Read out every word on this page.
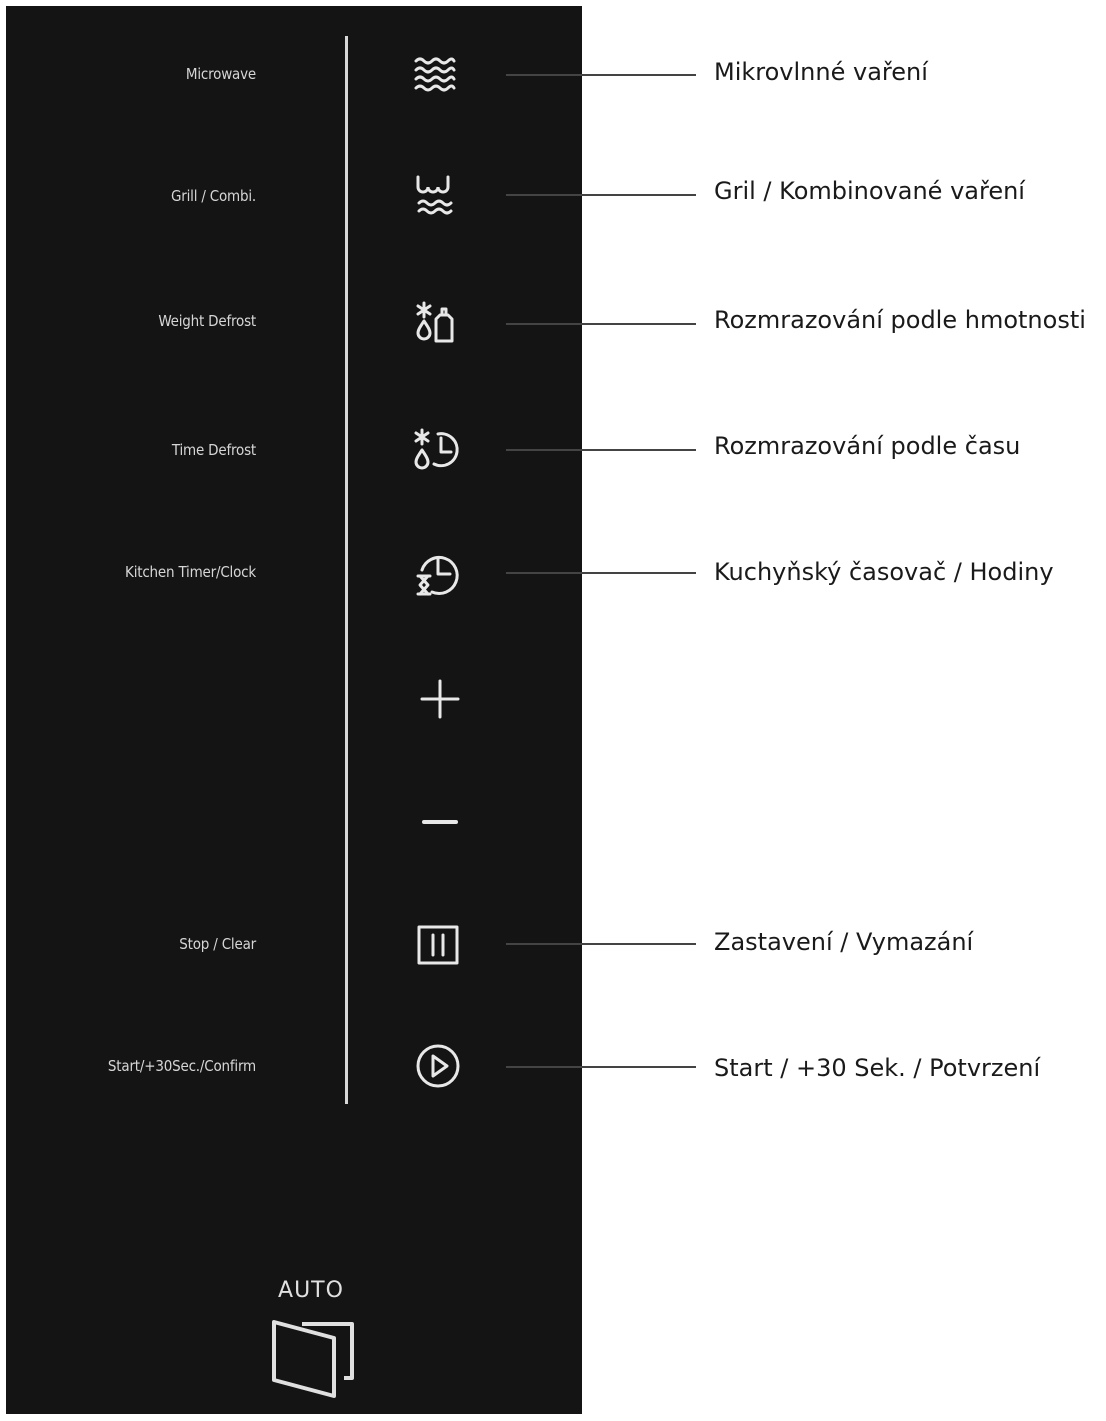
Microwave
Grill / Combi.
Weight Defrost
Time Defrost
Kitchen Timer/Clock
Stop / Clear
Start/+30Sec./Confirm
AUTO
Mikrovlnné vaření
Gril / Kombinované vaření
Rozmrazování podle hmotnosti
Rozmrazování podle času
Kuchyňský časovač / Hodiny
Zastavení / Vymazání
Start / +30 Sek. / Potvrzení
